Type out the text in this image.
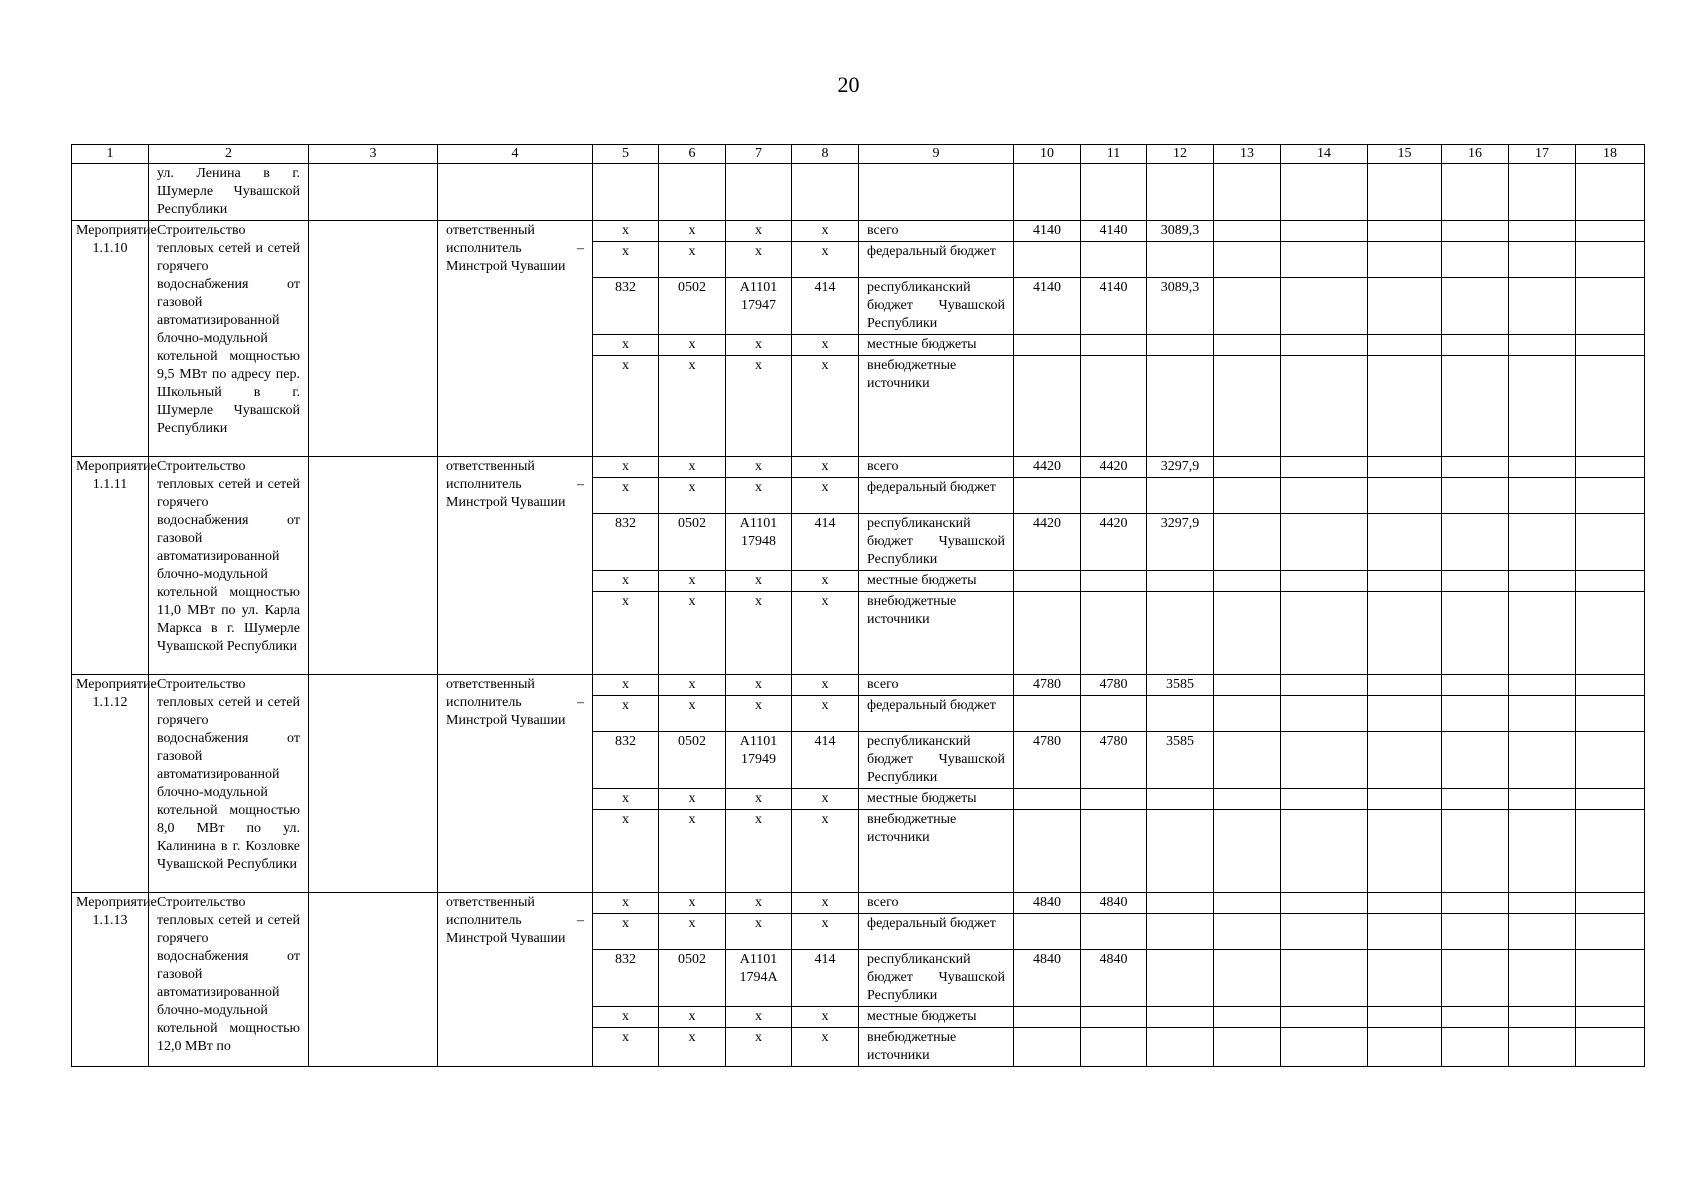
20
1	2	3	4	5	6	7	8	9	10	11	12	13	14	15	16	17	18
	ул. Ленина в г. Шумерле Чувашской Республики																
Мероприятие 1.1.10	Строительство тепловых сетей и сетей горячего водоснабжения от газовой автоматизированной блочно-модульной котельной мощностью 9,5 МВт по адресу пер. Школьный в г. Шумерле Чувашской Республики		ответственный исполнитель – Минстрой Чувашии	x	x	x	x	всего	4140	4140	3089,3						
				x	x	x	x	федеральный бюджет									
				832	0502	А1101 17947	414	республиканский бюджет Чувашской Республики	4140	4140	3089,3						
				x	x	x	x	местные бюджеты									
				x	x	x	x	внебюджетные источники									
Мероприятие 1.1.11	Строительство тепловых сетей и сетей горячего водоснабжения от газовой автоматизированной блочно-модульной котельной мощностью 11,0 МВт по ул. Карла Маркса в г. Шумерле Чувашской Республики		ответственный исполнитель – Минстрой Чувашии	x	x	x	x	всего	4420	4420	3297,9						
				x	x	x	x	федеральный бюджет									
				832	0502	А1101 17948	414	республиканский бюджет Чувашской Республики	4420	4420	3297,9						
				x	x	x	x	местные бюджеты									
				x	x	x	x	внебюджетные источники									
Мероприятие 1.1.12	Строительство тепловых сетей и сетей горячего водоснабжения от газовой автоматизированной блочно-модульной котельной мощностью 8,0 МВт по ул. Калинина в г. Козловке Чувашской Республики		ответственный исполнитель – Минстрой Чувашии	x	x	x	x	всего	4780	4780	3585						
				x	x	x	x	федеральный бюджет									
				832	0502	А1101 17949	414	республиканский бюджет Чувашской Республики	4780	4780	3585						
				x	x	x	x	местные бюджеты									
				x	x	x	x	внебюджетные источники									
Мероприятие 1.1.13	Строительство тепловых сетей и сетей горячего водоснабжения от газовой автоматизированной блочно-модульной котельной мощностью 12,0 МВт по		ответственный исполнитель – Минстрой Чувашии	x	x	x	x	всего	4840	4840							
				x	x	x	x	федеральный бюджет									
				832	0502	А1101 1794А	414	республиканский бюджет Чувашской Республики	4840	4840							
				x	x	x	x	местные бюджеты									
				x	x	x	x	внебюджетные источники									
